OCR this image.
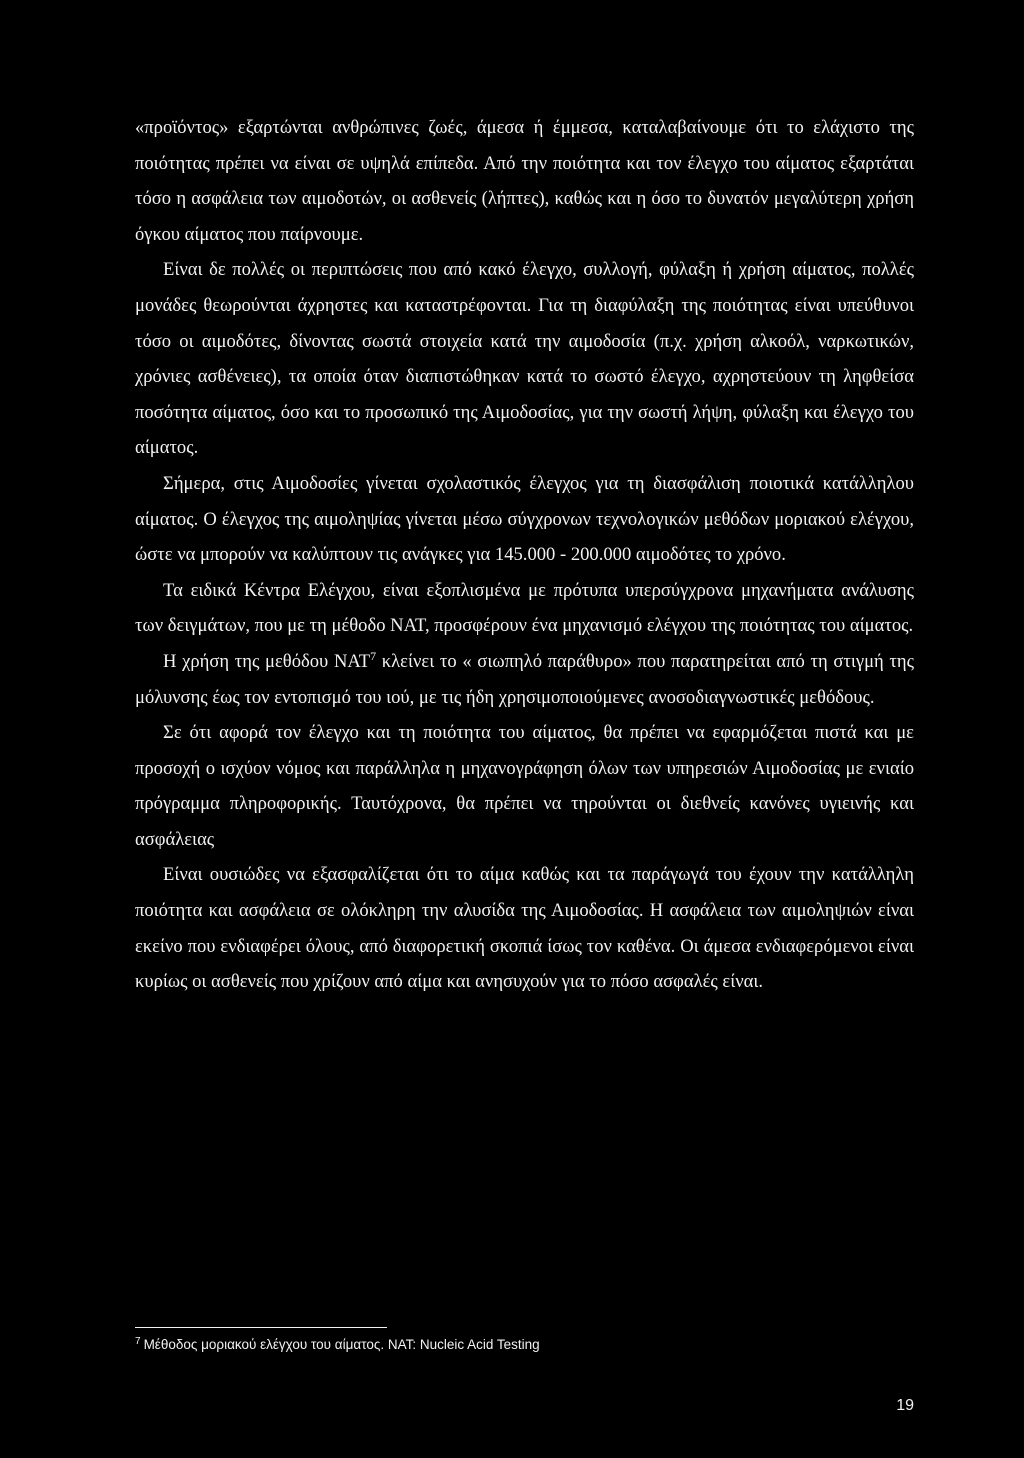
«προϊόντος» εξαρτώνται ανθρώπινες ζωές, άμεσα ή έμμεσα, καταλαβαίνουμε ότι το ελάχιστο της ποιότητας πρέπει να είναι σε υψηλά επίπεδα. Από την ποιότητα και τον έλεγχο του αίματος εξαρτάται τόσο η ασφάλεια των αιμοδοτών, οι ασθενείς (λήπτες), καθώς και η όσο το δυνατόν μεγαλύτερη χρήση όγκου αίματος που παίρνουμε.

Είναι δε πολλές οι περιπτώσεις που από κακό έλεγχο, συλλογή, φύλαξη ή χρήση αίματος, πολλές μονάδες θεωρούνται άχρηστες και καταστρέφονται. Για τη διαφύλαξη της ποιότητας είναι υπεύθυνοι τόσο οι αιμοδότες, δίνοντας σωστά στοιχεία κατά την αιμοδοσία (π.χ. χρήση αλκοόλ, ναρκωτικών, χρόνιες ασθένειες), τα οποία όταν διαπιστώθηκαν κατά το σωστό έλεγχο, αχρηστεύουν τη ληφθείσα ποσότητα αίματος, όσο και το προσωπικό της Αιμοδοσίας, για την σωστή λήψη, φύλαξη και έλεγχο του αίματος.

Σήμερα, στις Αιμοδοσίες γίνεται σχολαστικός έλεγχος για τη διασφάλιση ποιοτικά κατάλληλου αίματος. Ο έλεγχος της αιμοληψίας γίνεται μέσω σύγχρονων τεχνολογικών μεθόδων μοριακού ελέγχου, ώστε να μπορούν να καλύπτουν τις ανάγκες για 145.000 - 200.000 αιμοδότες το χρόνο.

Τα ειδικά Κέντρα Ελέγχου, είναι εξοπλισμένα με πρότυπα υπερσύγχρονα μηχανήματα ανάλυσης των δειγμάτων, που με τη μέθοδο NAT, προσφέρουν ένα μηχανισμό ελέγχου της ποιότητας του αίματος.

Η χρήση της μεθόδου NAT$^7$ κλείνει το « σιωπηλό παράθυρο» που παρατηρείται από τη στιγμή της μόλυνσης έως τον εντοπισμό του ιού, με τις ήδη χρησιμοποιούμενες ανοσοδιαγνωστικές μεθόδους.

Σε ότι αφορά τον έλεγχο και τη ποιότητα του αίματος, θα πρέπει να εφαρμόζεται πιστά και με προσοχή ο ισχύον νόμος και παράλληλα η μηχανογράφηση όλων των υπηρεσιών Αιμοδοσίας με ενιαίο πρόγραμμα πληροφορικής. Ταυτόχρονα, θα πρέπει να τηρούνται οι διεθνείς κανόνες υγιεινής και ασφάλειας

Είναι ουσιώδες να εξασφαλίζεται ότι το αίμα καθώς και τα παράγωγά του έχουν την κατάλληλη ποιότητα και ασφάλεια σε ολόκληρη την αλυσίδα της Αιμοδοσίας. Η ασφάλεια των αιμοληψιών είναι εκείνο που ενδιαφέρει όλους, από διαφορετική σκοπιά ίσως τον καθένα. Οι άμεσα ενδιαφερόμενοι είναι κυρίως οι ασθενείς που χρίζουν από αίμα και ανησυχούν για το πόσο ασφαλές είναι.

$^7$ Μέθοδος μοριακού ελέγχου του αίματος. NAT: Nucleic Acid Testing
19
